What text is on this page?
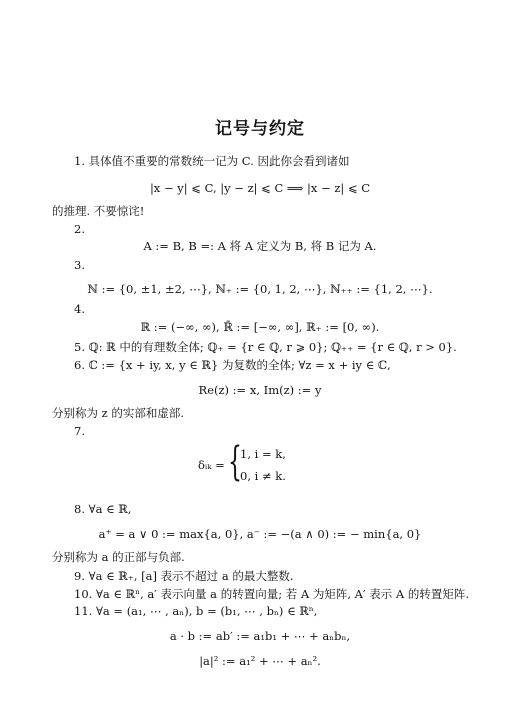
记号与约定
1. 具体值不重要的常数统一记为 C. 因此你会看到诸如
|x − y| ⩽ C, |y − z| ⩽ C ⟹ |x − z| ⩽ C
的推理. 不要惊诧!
2.
A := B, B =: A 将 A 定义为 B, 将 B 记为 A.
3.
ℕ := {0, ±1, ±2, ⋯}, ℕ₊ := {0, 1, 2, ⋯}, ℕ₊₊ := {1, 2, ⋯}.
4.
ℝ := (−∞, ∞), ℝ̄ := [−∞, ∞], ℝ₊ := [0, ∞).
5. ℚ: ℝ 中的有理数全体; ℚ₊ = {r ∈ ℚ, r ⩾ 0}; ℚ₊₊ = {r ∈ ℚ, r > 0}.
6. ℂ := {x + iy, x, y ∈ ℝ} 为复数的全体; ∀z = x + iy ∈ ℂ,
Re(z) := x, Im(z) := y
分别称为 z 的实部和虚部.
7.
δᵢₖ = {
1, i = k,
0, i ≠ k.
8. ∀a ∈ ℝ,
a⁺ = a ∨ 0 := max{a, 0}, a⁻ := −(a ∧ 0) := − min{a, 0}
分别称为 a 的正部与负部.
9. ∀a ∈ ℝ₊, [a] 表示不超过 a 的最大整数.
10. ∀a ∈ ℝⁿ, a′ 表示向量 a 的转置向量; 若 A 为矩阵, A′ 表示 A 的转置矩阵.
11. ∀a = (a₁, ⋯ , aₙ), b = (b₁, ⋯ , bₙ) ∈ ℝⁿ,
a · b := ab′ := a₁b₁ + ⋯ + aₙbₙ,
|a|² := a₁² + ⋯ + aₙ².
